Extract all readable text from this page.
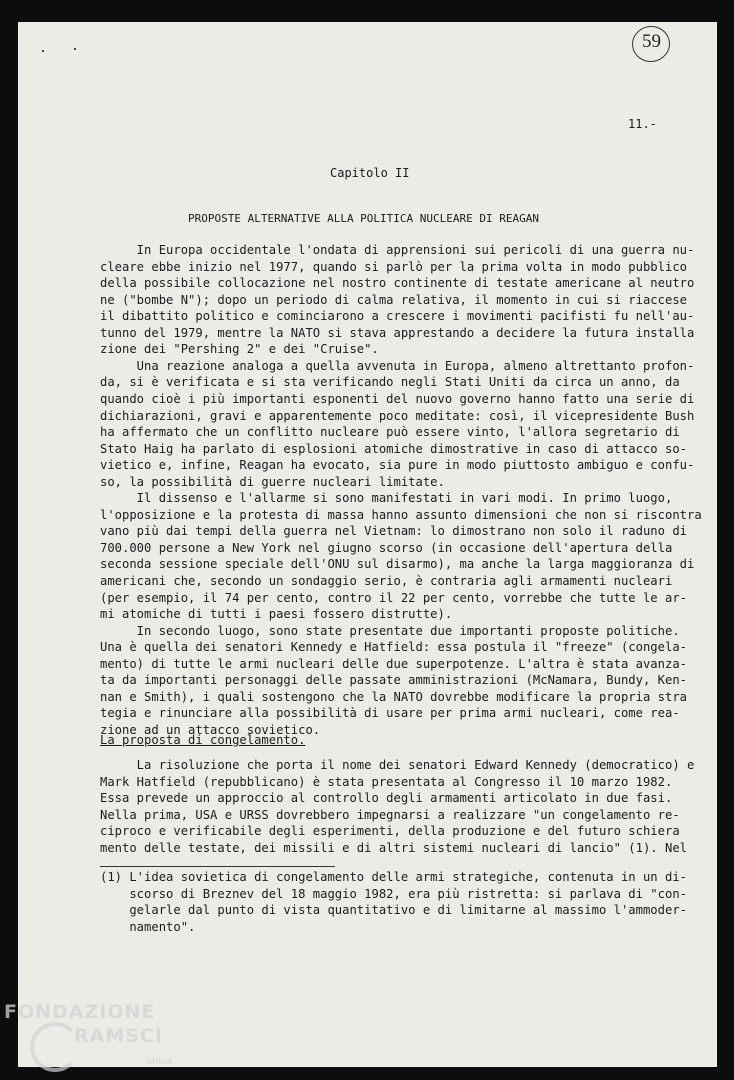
59
11.-
Capitolo II
PROPOSTE ALTERNATIVE ALLA POLITICA NUCLEARE DI REAGAN
In Europa occidentale l'ondata di apprensioni sui pericoli di una guerra nu-
cleare ebbe inizio nel 1977, quando si parlò per la prima volta in modo pubblico
della possibile collocazione nel nostro continente di testate americane al neutro
ne ("bombe N"); dopo un periodo di calma relativa, il momento in cui si riaccese
il dibattito politico e cominciarono a crescere i movimenti pacifisti fu nell'au-
tunno del 1979, mentre la NATO si stava apprestando a decidere la futura installa
zione dei "Pershing 2" e dei "Cruise".
Una reazione analoga a quella avvenuta in Europa, almeno altrettanto profon-
da, si è verificata e si sta verificando negli Stati Uniti da circa un anno, da
quando cioè i più importanti esponenti del nuovo governo hanno fatto una serie di
dichiarazioni, gravi e apparentemente poco meditate: così, il vicepresidente Bush
ha affermato che un conflitto nucleare può essere vinto, l'allora segretario di
Stato Haig ha parlato di esplosioni atomiche dimostrative in caso di attacco so-
vietico e, infine, Reagan ha evocato, sia pure in modo piuttosto ambiguo e confu-
so, la possibilità di guerre nucleari limitate.
Il dissenso e l'allarme si sono manifestati in vari modi. In primo luogo,
l'opposizione e la protesta di massa hanno assunto dimensioni che non si riscontra
vano più dai tempi della guerra nel Vietnam: lo dimostrano non solo il raduno di
700.000 persone a New York nel giugno scorso (in occasione dell'apertura della
seconda sessione speciale dell'ONU sul disarmo), ma anche la larga maggioranza di
americani che, secondo un sondaggio serio, è contraria agli armamenti nucleari
(per esempio, il 74 per cento, contro il 22 per cento, vorrebbe che tutte le ar-
mi atomiche di tutti i paesi fossero distrutte).
In secondo luogo, sono state presentate due importanti proposte politiche.
Una è quella dei senatori Kennedy e Hatfield: essa postula il "freeze" (congela-
mento) di tutte le armi nucleari delle due superpotenze. L'altra è stata avanza-
ta da importanti personaggi delle passate amministrazioni (McNamara, Bundy, Ken-
nan e Smith), i quali sostengono che la NATO dovrebbe modificare la propria stra
tegia e rinunciare alla possibilità di usare per prima armi nucleari, come rea-
zione ad un attacco sovietico.
La proposta di congelamento.
La risoluzione che porta il nome dei senatori Edward Kennedy (democratico) e
Mark Hatfield (repubblicano) è stata presentata al Congresso il 10 marzo 1982.
Essa prevede un approccio al controllo degli armamenti articolato in due fasi.
Nella prima, USA e URSS dovrebbero impegnarsi a realizzare "un congelamento re-
ciproco e verificabile degli esperimenti, della produzione e del futuro schiera
mento delle testate, dei missili e di altri sistemi nucleari di lancio" (1). Nel
(1) L'idea sovietica di congelamento delle armi strategiche, contenuta in un di-
scorso di Breznev del 18 maggio 1982, era più ristretta: si parlava di "con-
gelarle dal punto di vista quantitativo e di limitarne al massimo l'ammoder-
namento".
FONDAZIONE
RAMSCI
onlus
